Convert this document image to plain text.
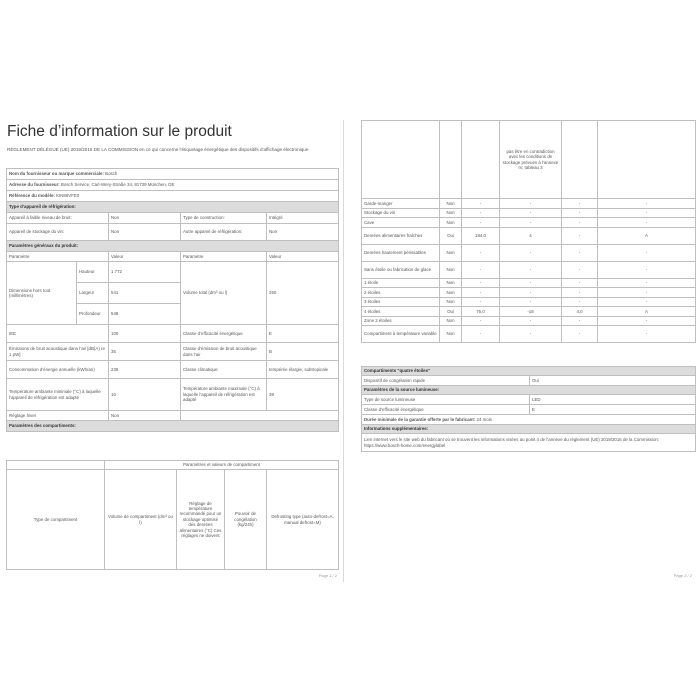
Fiche d’information sur le produit
RÈGLEMENT DÉLÉGUÉ (UE) 2019/2016 DE LA COMMISSION en ce qui concerne l’étiquetage énergétique des dispositifs d’affichage électronique
Nom du fournisseur ou marque commerciale: Bosch				
Adresse du fournisseur: Bosch Service, Carl-Wery-Straße 34, 81739 München, DE				
Référence du modèle: KIN86VFE0				
Type d’appareil de réfrigération:				
Appareil à faible niveau de bruit:		Non	Type de construction:	Intégré
Appareil de stockage du vin:		Non	Autre appareil de réfrigération:	Non
Paramètres généraux du produit:				
Paramètre		Valeur	Paramètre	Valeur
Dimensions hors tout (millimètres)	Hauteur	1 772	Volume total (dm³ ou l)	260
	Largeur	541		
	Profondeur	548		
IEE		100	Classe d’efficacité énergétique	E
Émissions de bruit acoustique dans l’air [dB(A) re 1 pW]		35	Classe d’émission de bruit acoustique dans l’air	B
Consommation d’énergie annuelle (kWh/an)		236	Classe climatique:	tempérée élargie, subtropicale
Température ambiante minimale (°C) à laquelle l’appareil de réfrigération est adapté		10	Température ambiante maximale (°C) à laquelle l’appareil de réfrigération est adapté	38
Réglage hiver		Non		
Paramètres des compartiments:				
	Paramètres et valeurs de compartiment			
Type de compartiment	Volume de compartiment (dm³ ou l)	Réglage de température recommandé pour un stockage optimisé des denrées alimentaires (°C) Ces réglages ne doivent	Pouvoir de congélation (kg/24h)	Defrosting type (auto-defrost=A, manual defrost=M)
Page 1 / 2
			pas être en contradiction avec les conditions de stockage prévues à l’annexe IV, tableau 3		
Garde-manger	Non	-	-	-	-
Stockage du vin	Non	-	-	-	-
Cave	Non	-	-	-	-
Denrées alimentaires fraîches	Oui	184,0	4	-	A
Denrées hautement périssables	Non	-	-	-	-
Sans étoile ou fabrication de glace	Non	-	-	-	-
1 étoile	Non	-	-	-	-
2 étoiles	Non	-	-	-	-
3 étoiles	Non	-	-	-	-
4 étoiles	Oui	76,0	-18	4,0	A
Zone 2 étoiles	Non	-	-	-	-
Compartiment à température variable	Non	-	-	-	-
Compartiments "quatre étoiles"	
Dispositif de congélation rapide	Oui
Paramètres de la source lumineuse:	
Type de source lumineuse	LED
Classe d’efficacité énergétique	E
Durée minimale de la garantie offerte par le fabricant: 24 mois	
Informations supplémentaires:	
Lien internet vers le site web du fabricant où se trouvent les informations visées au point 4 de l’annexe du règlement (UE) 2019/2016 de la Commission: https://www.bosch-home.com/energylabel	
Page 2 / 2
